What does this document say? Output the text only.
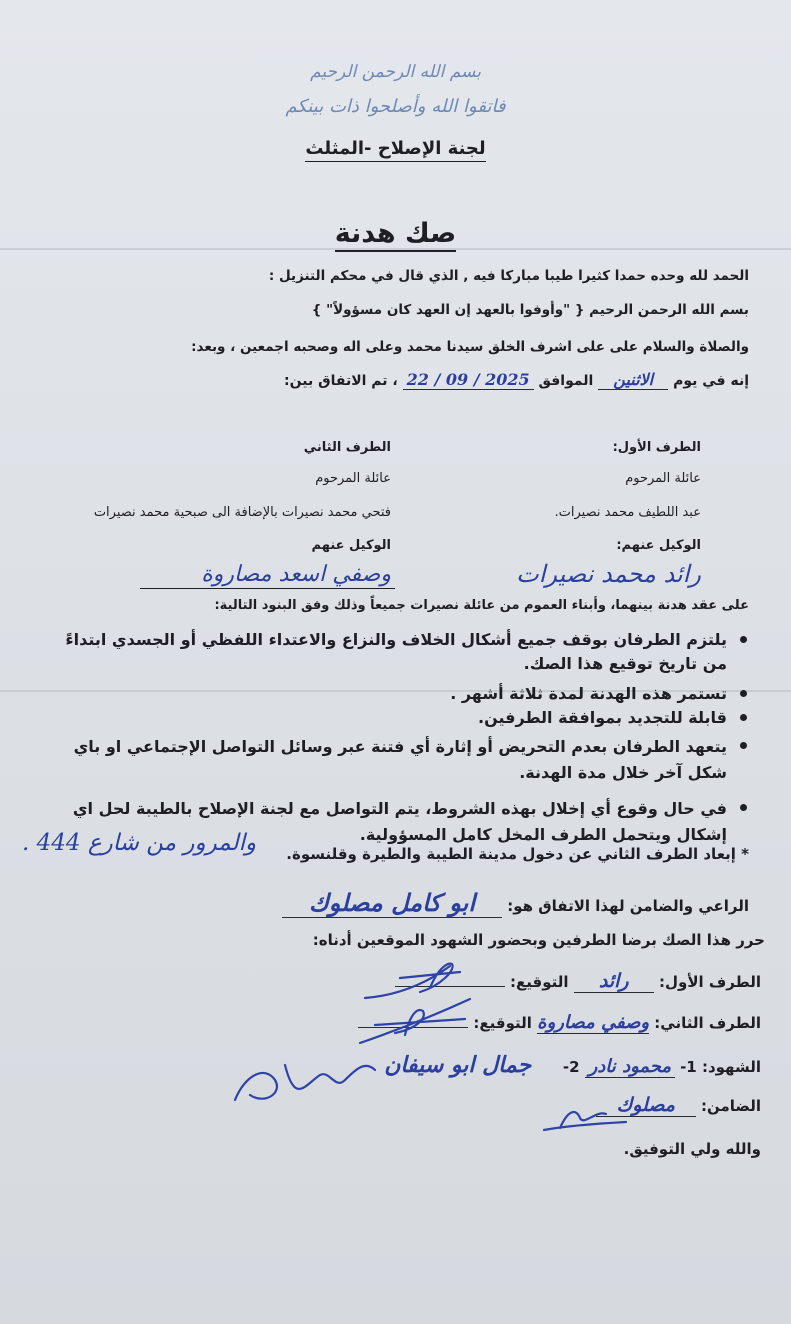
بسم الله الرحمن الرحيم
فاتقوا الله وأصلحوا ذات بينكم
لجنة الإصلاح -المثلث
صك هدنة
الحمد لله وحده حمدا كثيرا طيبا مباركا فيه , الذي قال في محكم التنزيل :
بسم الله الرحمن الرحيم { "وأوفوا بالعهد إن العهد كان مسؤولاً" }
والصلاة والسلام على على اشرف الخلق سيدنا محمد وعلى اله وصحبه اجمعين ، وبعد:
إنه في يوم الاثنين الموافق 22 / 09 / 2025 ، تم الاتفاق بين:
الطرف الأول:
الطرف الثاني
عائلة المرحوم
عائلة المرحوم
عبد اللطيف محمد نصيرات.
فتحي محمد نصيرات بالإضافة الى صبحية محمد نصيرات
الوكيل عنهم:
الوكيل عنهم
رائد محمد نصيرات
وصفي اسعد مصاروة
على عقد هدنة بينهما، وأبناء العموم من عائلة نصيرات جميعاً وذلك وفق البنود التالية:
يلتزم الطرفان بوقف جميع أشكال الخلاف والنزاع والاعتداء اللفظي أو الجسدي ابتداءً من تاريخ توقيع هذا الصك.
تستمر هذه الهدنة لمدة ثلاثة أشهر .
قابلة للتجديد بموافقة الطرفين.
يتعهد الطرفان بعدم التحريض أو إثارة أي فتنة عبر وسائل التواصل الإجتماعي او باي شكل آخر خلال مدة الهدنة.
في حال وقوع أي إخلال بهذه الشروط، يتم التواصل مع لجنة الإصلاح بالطيبة لحل اي إشكال ويتحمل الطرف المخل كامل المسؤولية.
* إبعاد الطرف الثاني عن دخول مدينة الطيبة والطيرة وقلنسوة.
والمرور من شارع 444 .
الراعي والضامن لهذا الاتفاق هو: ابو كامل مصلوك
حرر هذا الصك برضا الطرفين وبحضور الشهود الموقعين أدناه:
الطرف الأول: رائد التوقيع:
الطرف الثاني: وصفي مصاروة التوقيع:
الشهود: 1- محمود نادر 2- جمال ابو سيفان
الضامن: مصلوك
والله ولي التوفيق.
